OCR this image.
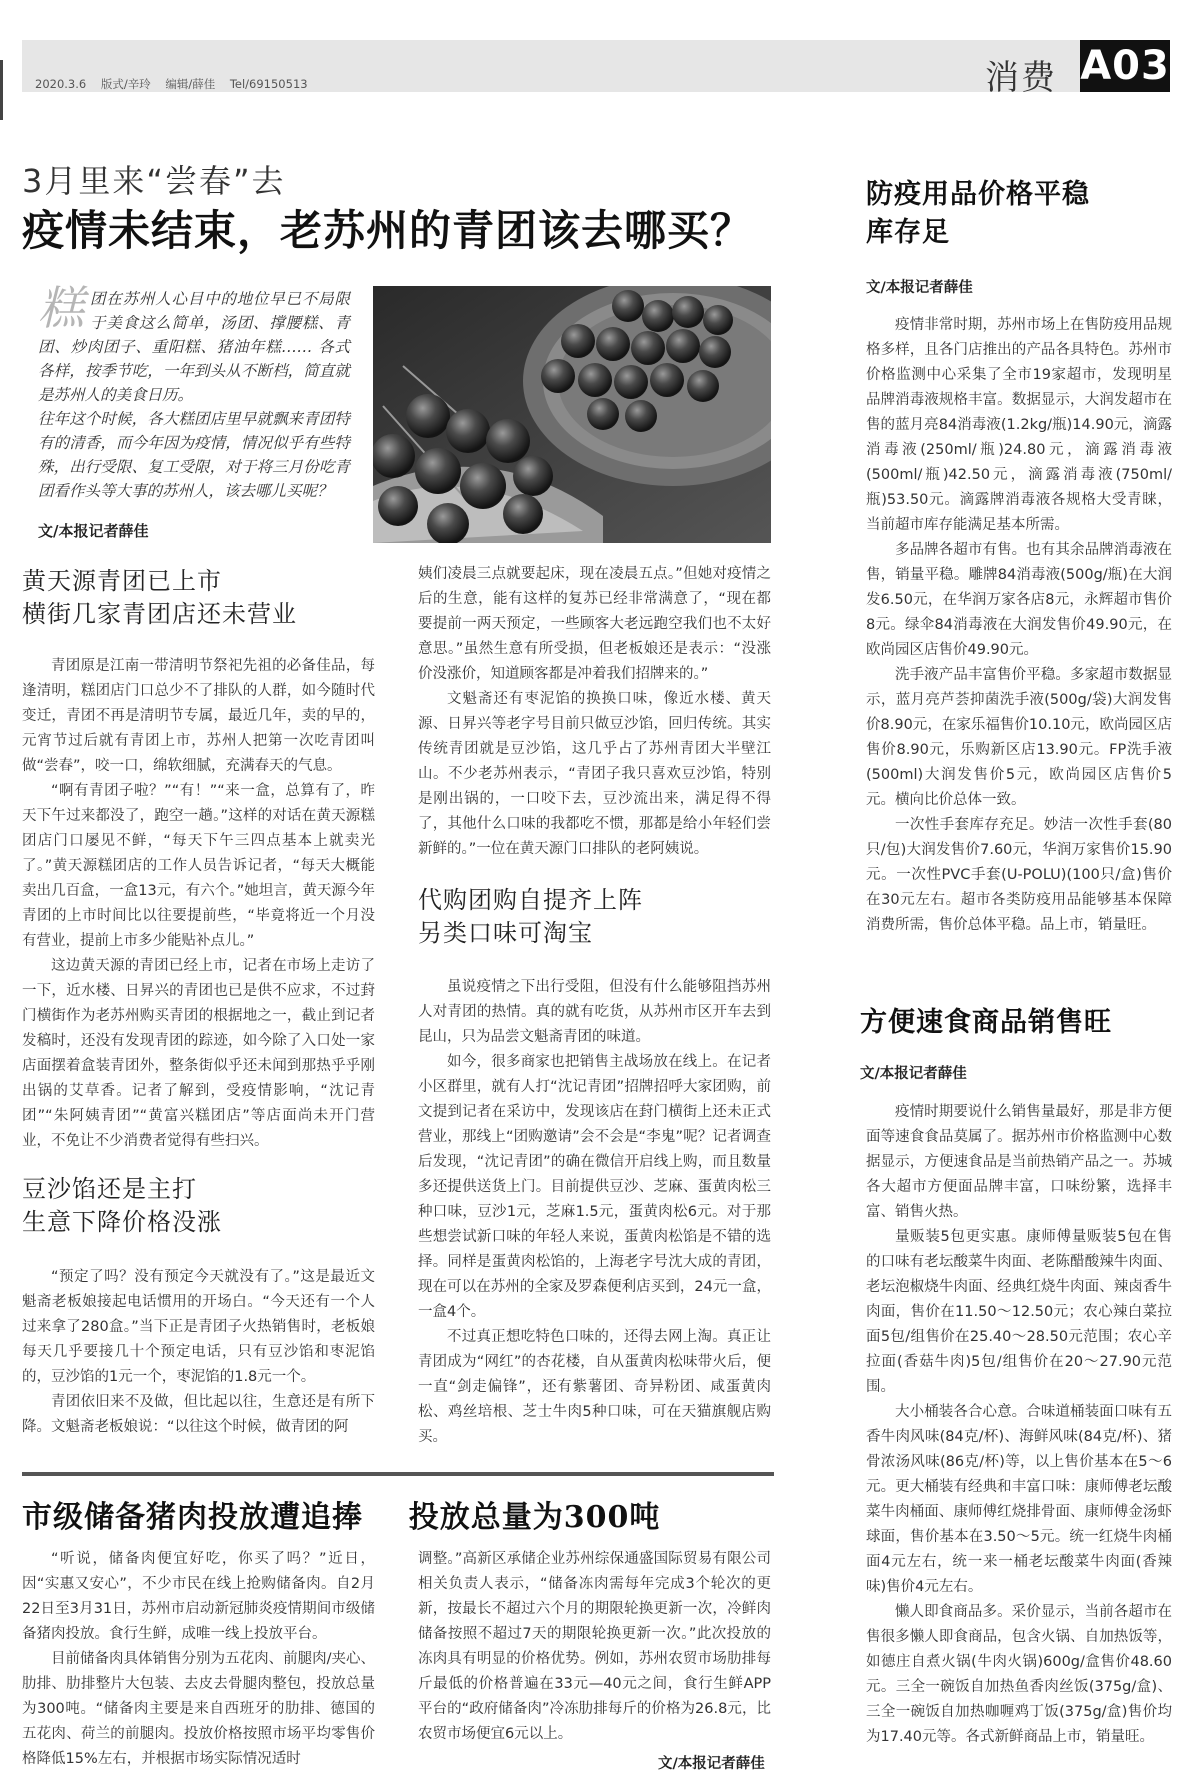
2020.3.6    版式/辛玲    编辑/薛佳    Tel/69150513	消费 A03
3月里来“尝春”去
疫情未结束，老苏州的青团该去哪买？
糕 团在苏州人心目中的地位早已不局限于美食这么简单，汤团、撑腰糕、青团、炒肉团子、重阳糕、猪油年糕…… 各式各样，按季节吃，一年到头从不断档，简直就是苏州人的美食日历。

往年这个时候，各大糕团店里早就飘来青团特有的清香，而今年因为疫情，情况似乎有些特殊，出行受限、复工受限，对于将三月份吃青团看作头等大事的苏州人，该去哪儿买呢？

文/本报记者薛佳
黄天源青团已上市
横街几家青团店还未营业

青团原是江南一带清明节祭祀先祖的必备佳品，每逢清明，糕团店门口总少不了排队的人群，如今随时代变迁，青团不再是清明节专属，最近几年，卖的早的，元宵节过后就有青团上市，苏州人把第一次吃青团叫做“尝春”，咬一口，绵软细腻，充满春天的气息。

“啊有青团子啦？”“有！”“来一盒，总算有了，昨天下午过来都没了，跑空一趟。”这样的对话在黄天源糕团店门口屡见不鲜，“每天下午三四点基本上就卖光了。”黄天源糕团店的工作人员告诉记者，“每天大概能卖出几百盒，一盒13元，有六个。”她坦言，黄天源今年青团的上市时间比以往要提前些，“毕竟将近一个月没有营业，提前上市多少能贴补点儿。”

这边黄天源的青团已经上市，记者在市场上走访了一下，近水楼、日昇兴的青团也已是供不应求，不过葑门横街作为老苏州购买青团的根据地之一，截止到记者发稿时，还没有发现青团的踪迹，如今除了入口处一家店面摆着盒装青团外，整条街似乎还未闻到那热乎乎刚出锅的艾草香。记者了解到，受疫情影响，“沈记青团”“朱阿姨青团”“黄富兴糕团店”等店面尚未开门营业，不免让不少消费者觉得有些扫兴。

豆沙馅还是主打
生意下降价格没涨

“预定了吗？没有预定今天就没有了。”这是最近文魁斋老板娘接起电话惯用的开场白。“今天还有一个人过来拿了280盒。”当下正是青团子火热销售时，老板娘每天几乎要接几十个预定电话，只有豆沙馅和枣泥馅的，豆沙馅的1元一个，枣泥馅的1.8元一个。

青团依旧来不及做，但比起以往，生意还是有所下降。文魁斋老板娘说：“以往这个时候，做青团的阿

姨们凌晨三点就要起床，现在凌晨五点。”但她对疫情之后的生意，能有这样的复苏已经非常满意了，“现在都要提前一两天预定，一些顾客大老远跑空我们也不太好意思。”虽然生意有所受损，但老板娘还是表示：“没涨价没涨价，知道顾客都是冲着我们招牌来的。”

文魁斋还有枣泥馅的换换口味，像近水楼、黄天源、日昇兴等老字号目前只做豆沙馅，回归传统。其实传统青团就是豆沙馅，这几乎占了苏州青团大半壁江山。不少老苏州表示，“青团子我只喜欢豆沙馅，特别是刚出锅的，一口咬下去，豆沙流出来，满足得不得了，其他什么口味的我都吃不惯，那都是给小年轻们尝新鲜的。”一位在黄天源门口排队的老阿姨说。

代购团购自提齐上阵
另类口味可淘宝

虽说疫情之下出行受阻，但没有什么能够阻挡苏州人对青团的热情。真的就有吃货，从苏州市区开车去到昆山，只为品尝文魁斋青团的味道。

如今，很多商家也把销售主战场放在线上。在记者小区群里，就有人打“沈记青团”招牌招呼大家团购，前文提到记者在采访中，发现该店在葑门横街上还未正式营业，那线上“团购邀请”会不会是“李鬼”呢？记者调查后发现，“沈记青团”的确在微信开启线上购，而且数量多还提供送货上门。目前提供豆沙、芝麻、蛋黄肉松三种口味，豆沙1元，芝麻1.5元，蛋黄肉松6元。对于那些想尝试新口味的年轻人来说，蛋黄肉松馅是不错的选择。同样是蛋黄肉松馅的，上海老字号沈大成的青团，现在可以在苏州的全家及罗森便利店买到，24元一盒，一盒4个。

不过真正想吃特色口味的，还得去网上淘。真正让青团成为“网红”的杏花楼，自从蛋黄肉松味带火后，便一直“剑走偏锋”，还有紫薯团、奇异粉团、咸蛋黄肉松、鸡丝培根、芝士牛肉5种口味，可在天猫旗舰店购买。

市级储备猪肉投放遭追捧    投放总量为300吨

“听说，储备肉便宜好吃，你买了吗？”近日，因“实惠又安心”，不少市民在线上抢购储备肉。自2月22日至3月31日，苏州市启动新冠肺炎疫情期间市级储备猪肉投放。食行生鲜，成唯一线上投放平台。

目前储备肉具体销售分别为五花肉、前腿肉/夹心、肋排、肋排整片大包装、去皮去骨腿肉整包，投放总量为300吨。“储备肉主要是来自西班牙的肋排、德国的五花肉、荷兰的前腿肉。投放价格按照市场平均零售价格降低15%左右，并根据市场实际情况适时

调整。”高新区承储企业苏州综保通盛国际贸易有限公司相关负责人表示，“储备冻肉需每年完成3个轮次的更新，按最长不超过六个月的期限轮换更新一次，冷鲜肉储备按照不超过7天的期限轮换更新一次。”此次投放的冻肉具有明显的价格优势。例如，苏州农贸市场肋排每斤最低的价格普遍在33元—40元之间，食行生鲜APP平台的“政府储备肉”冷冻肋排每斤的价格为26.8元，比农贸市场便宜6元以上。

文/本报记者薛佳
防疫用品价格平稳
库存足
文/本报记者薛佳

疫情非常时期，苏州市场上在售防疫用品规格多样，且各门店推出的产品各具特色。苏州市价格监测中心采集了全市19家超市，发现明星品牌消毒液规格丰富。数据显示，大润发超市在售的蓝月亮84消毒液(1.2kg/瓶)14.90元，滴露消毒液(250ml/瓶)24.80元，滴露消毒液(500ml/瓶)42.50元，滴露消毒液(750ml/瓶)53.50元。滴露牌消毒液各规格大受青睐，当前超市库存能满足基本所需。

多品牌各超市有售。也有其余品牌消毒液在售，销量平稳。雕牌84消毒液(500g/瓶)在大润发6.50元，在华润万家各店8元，永辉超市售价8元。绿伞84消毒液在大润发售价49.90元，在欧尚园区店售价49.90元。

洗手液产品丰富售价平稳。多家超市数据显示，蓝月亮芦荟抑菌洗手液(500g/袋)大润发售价8.90元，在家乐福售价10.10元，欧尚园区店售价8.90元，乐购新区店13.90元。FP洗手液(500ml)大润发售价5元，欧尚园区店售价5元。横向比价总体一致。

一次性手套库存充足。妙洁一次性手套(80只/包)大润发售价7.60元，华润万家售价15.90元。一次性PVC手套(U-POLU)(100只/盒)售价在30元左右。超市各类防疫用品能够基本保障消费所需，售价总体平稳。品上市，销量旺。

方便速食商品销售旺
文/本报记者薛佳

疫情时期要说什么销售量最好，那是非方便面等速食食品莫属了。据苏州市价格监测中心数据显示，方便速食品是当前热销产品之一。苏城各大超市方便面品牌丰富，口味纷繁，选择丰富、销售火热。

量贩装5包更实惠。康师傅量贩装5包在售的口味有老坛酸菜牛肉面、老陈醋酸辣牛肉面、老坛泡椒烧牛肉面、经典红烧牛肉面、辣卤香牛肉面，售价在11.50～12.50元；农心辣白菜拉面5包/组售价在25.40～28.50元范围；农心辛拉面(香菇牛肉)5包/组售价在20～27.90元范围。

大小桶装各合心意。合味道桶装面口味有五香牛肉风味(84克/杯)、海鲜风味(84克/杯)、猪骨浓汤风味(86克/杯)等，以上售价基本在5～6元。更大桶装有经典和丰富口味：康师傅老坛酸菜牛肉桶面、康师傅红烧排骨面、康师傅金汤虾球面，售价基本在3.50～5元。统一红烧牛肉桶面4元左右，统一来一桶老坛酸菜牛肉面(香辣味)售价4元左右。

懒人即食商品多。采价显示，当前各超市在售很多懒人即食商品，包含火锅、自加热饭等，如德庄自煮火锅(牛肉火锅)600g/盒售价48.60元。三全一碗饭自加热鱼香肉丝饭(375g/盒)、三全一碗饭自加热咖喱鸡丁饭(375g/盒)售价均为17.40元等。各式新鲜商品上市，销量旺。
